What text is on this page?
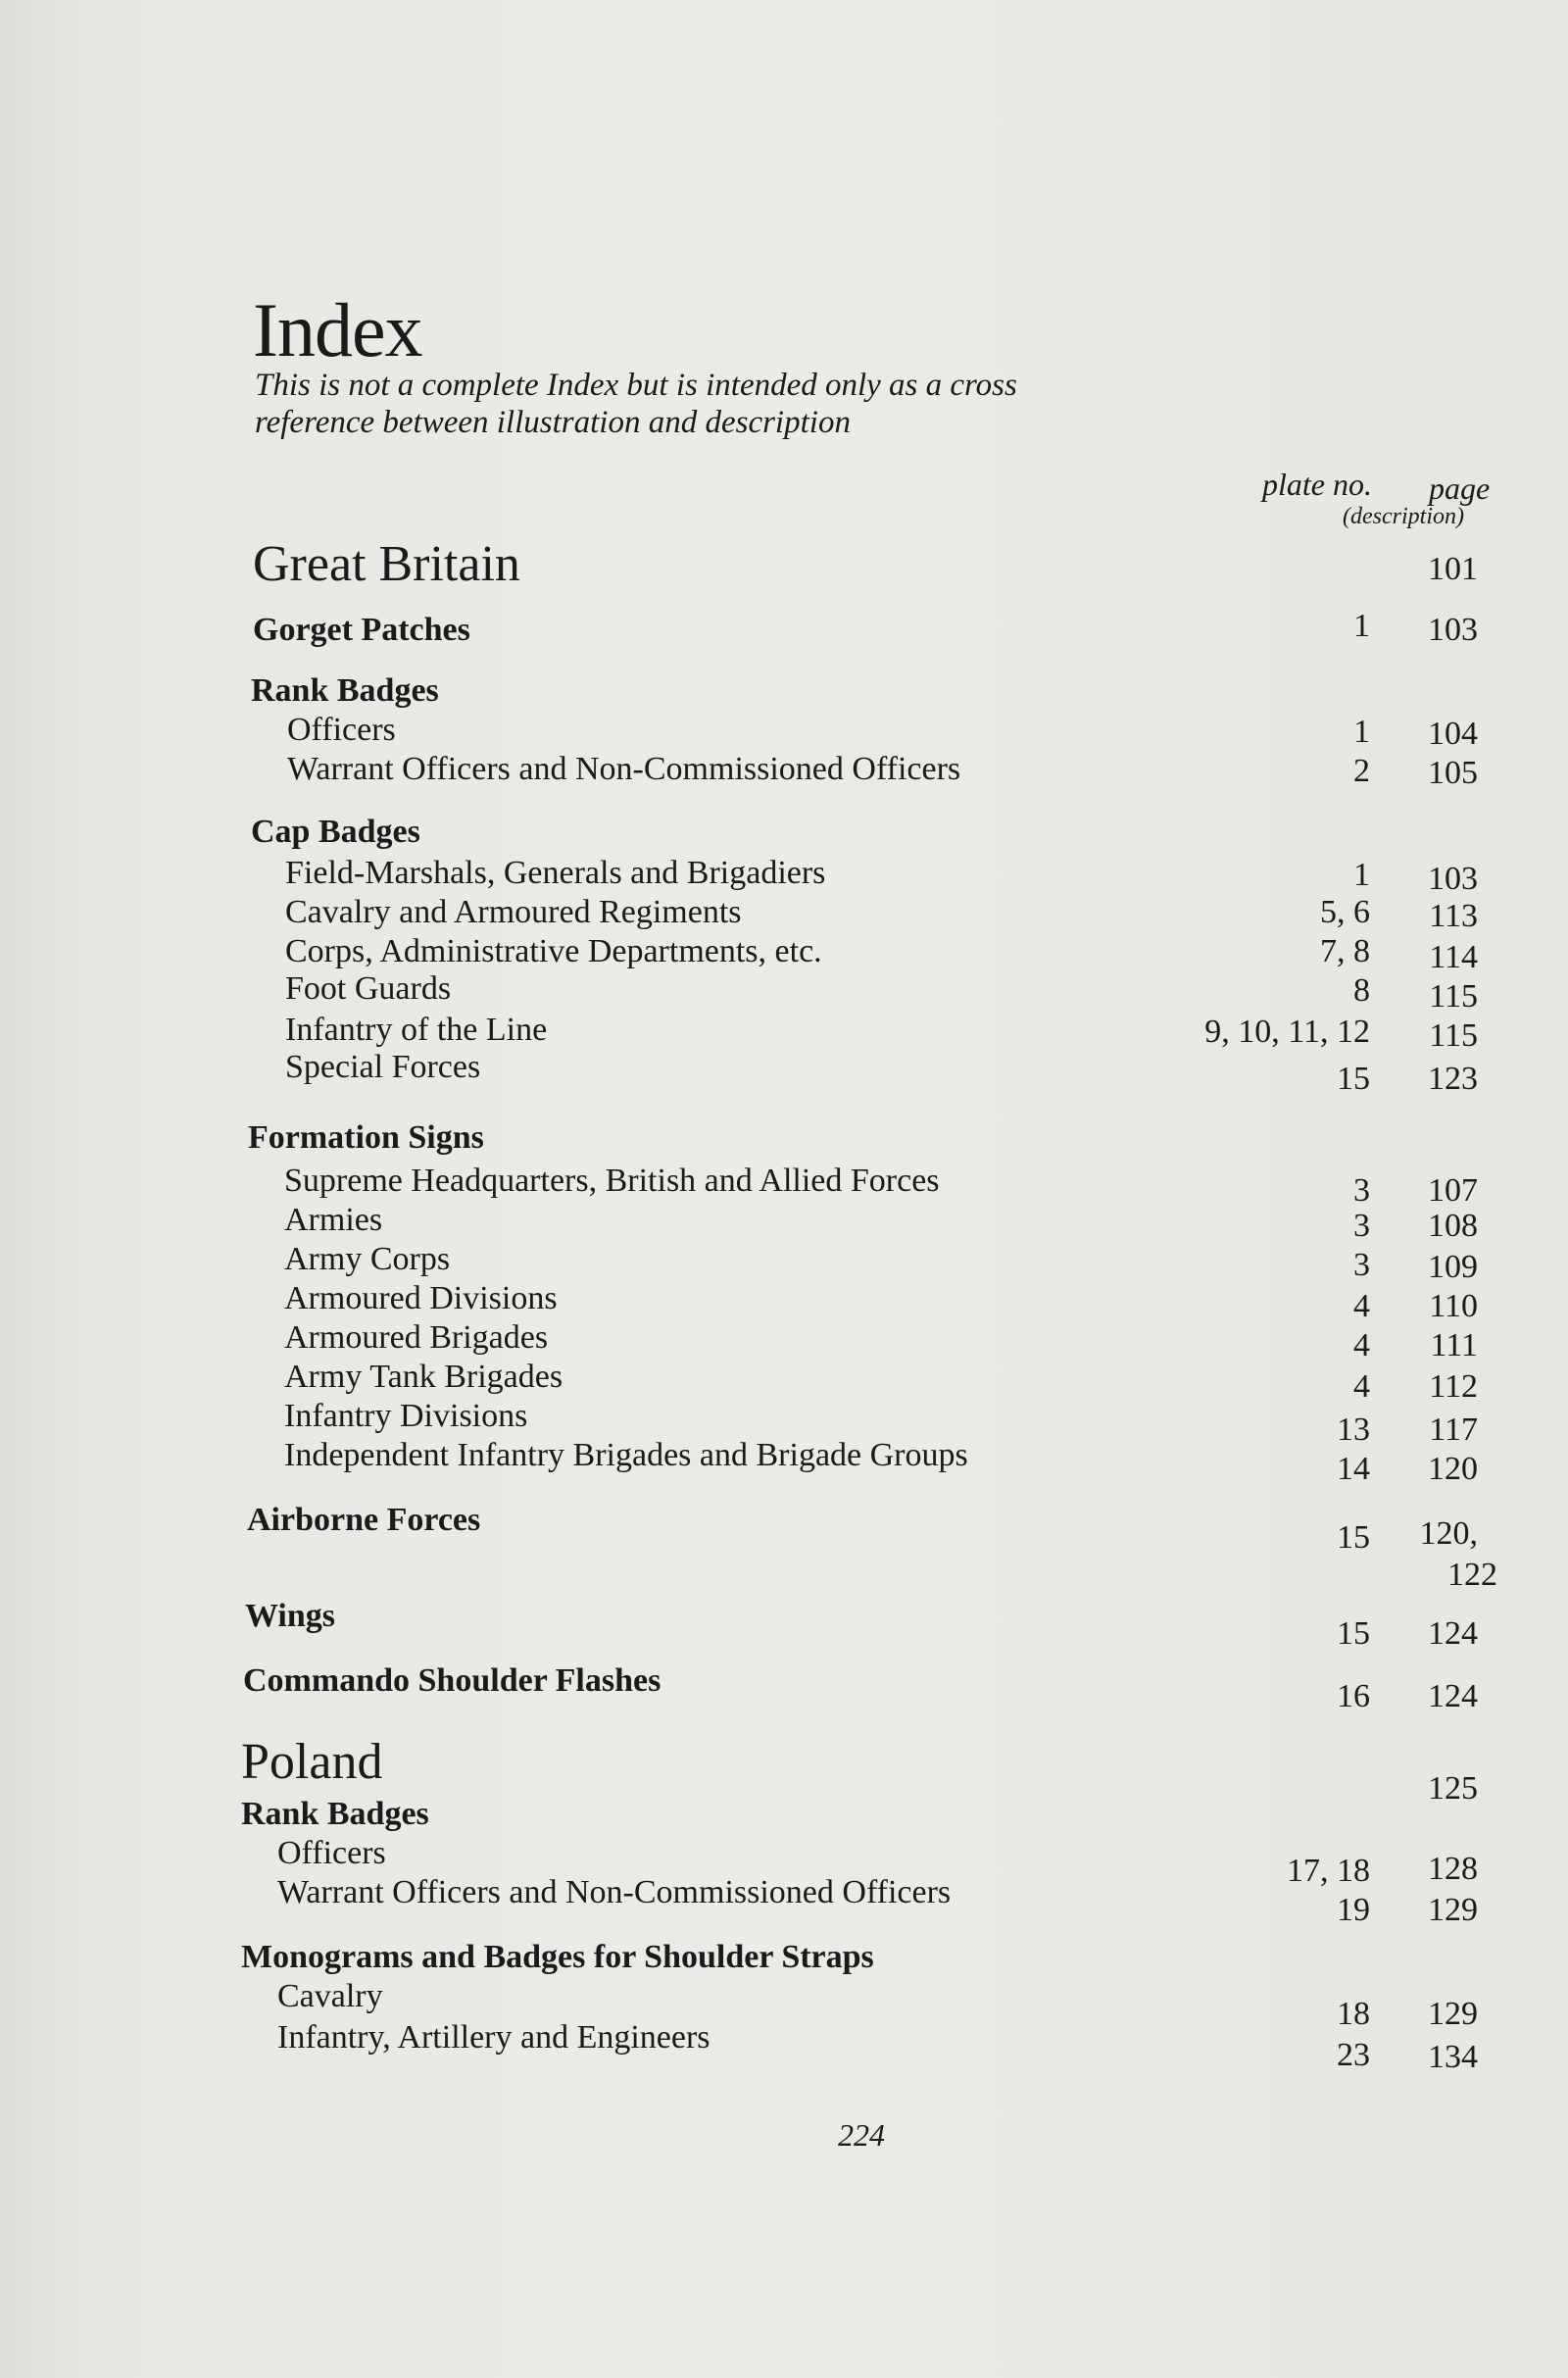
Index
This is not a complete Index but is intended only as a cross reference between illustration and description
plate no. page
(description)
224
Great Britain	101
Gorget Patches	1 103
Rank Badges
Officers	1 104
Warrant Officers and Non-Commissioned Officers	2 105
Cap Badges
Field-Marshals, Generals and Brigadiers	1 103
Cavalry and Armoured Regiments	5, 6 113
Corps, Administrative Departments, etc.	7, 8 114
Foot Guards	8 115
Infantry of the Line	9, 10, 11, 12 115
Special Forces	15 123
Formation Signs
Supreme Headquarters, British and Allied Forces	3 107
Armies	3 108
Army Corps	3 109
Armoured Divisions	4 110
Armoured Brigades	4 111
Army Tank Brigades	4 112
Infantry Divisions	13 117
Independent Infantry Brigades and Brigade Groups	14 120
Airborne Forces	15 120,
122
Wings	15 124
Commando Shoulder Flashes	16 124
Poland	125
Rank Badges
Officers	17, 18 128
Warrant Officers and Non-Commissioned Officers	19 129
Monograms and Badges for Shoulder Straps
Cavalry	18 129
Infantry, Artillery and Engineers	23 134
